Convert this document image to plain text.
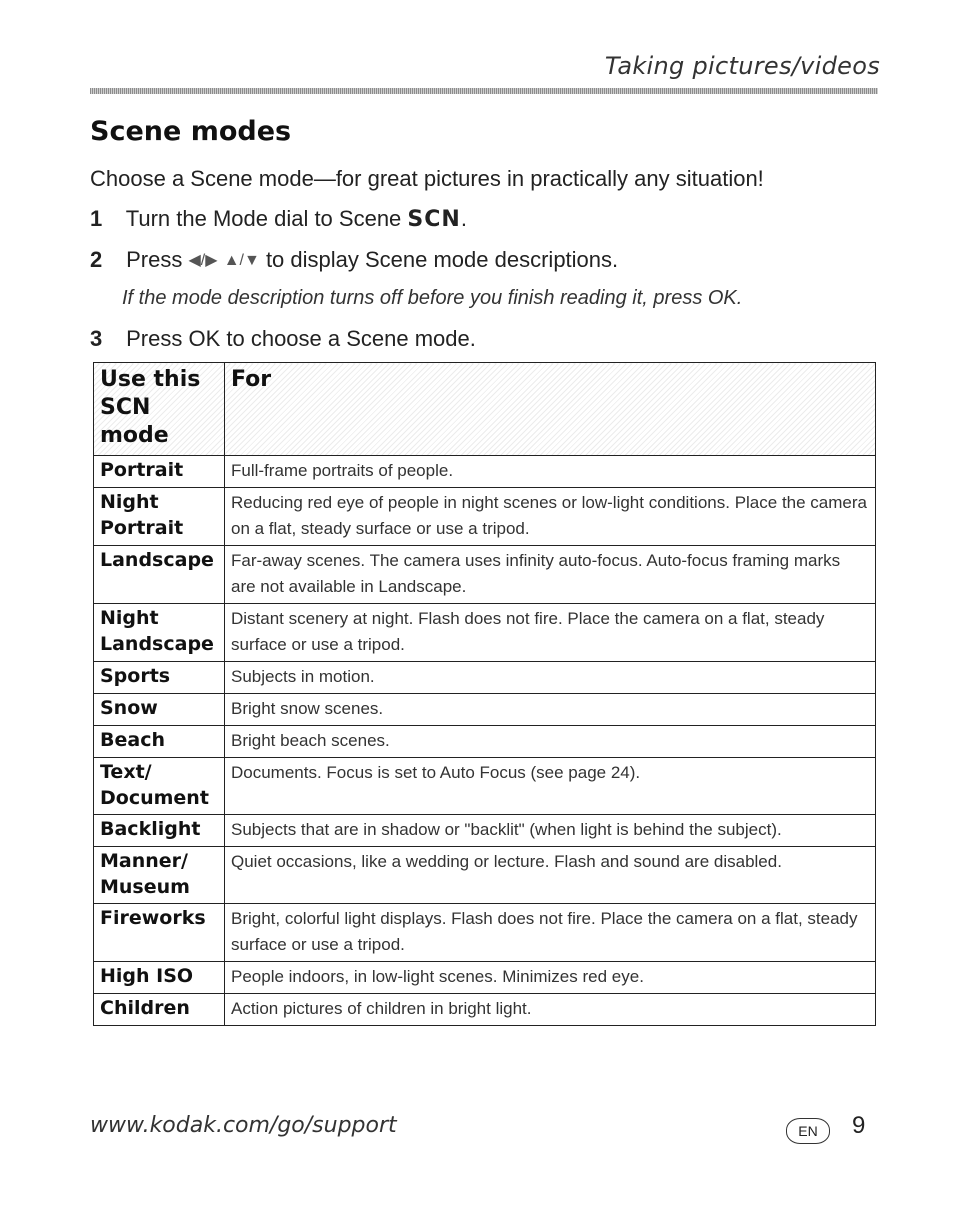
Taking pictures/videos
Scene modes
Choose a Scene mode—for great pictures in practically any situation!
1 Turn the Mode dial to Scene SCN.
2 Press ◀/▶ ▲/▼ to display Scene mode descriptions.
If the mode description turns off before you finish reading it, press OK.
3 Press OK to choose a Scene mode.
Use this SCN mode	For
Portrait	Full-frame portraits of people.
Night Portrait	Reducing red eye of people in night scenes or low-light conditions. Place the camera on a flat, steady surface or use a tripod.
Landscape	Far-away scenes. The camera uses infinity auto-focus. Auto-focus framing marks are not available in Landscape.
Night Landscape	Distant scenery at night. Flash does not fire. Place the camera on a flat, steady surface or use a tripod.
Sports	Subjects in motion.
Snow	Bright snow scenes.
Beach	Bright beach scenes.
Text/ Document	Documents. Focus is set to Auto Focus (see page 24).
Backlight	Subjects that are in shadow or "backlit" (when light is behind the subject).
Manner/ Museum	Quiet occasions, like a wedding or lecture. Flash and sound are disabled.
Fireworks	Bright, colorful light displays. Flash does not fire. Place the camera on a flat, steady surface or use a tripod.
High ISO	People indoors, in low-light scenes. Minimizes red eye.
Children	Action pictures of children in bright light.
www.kodak.com/go/support	EN	9
